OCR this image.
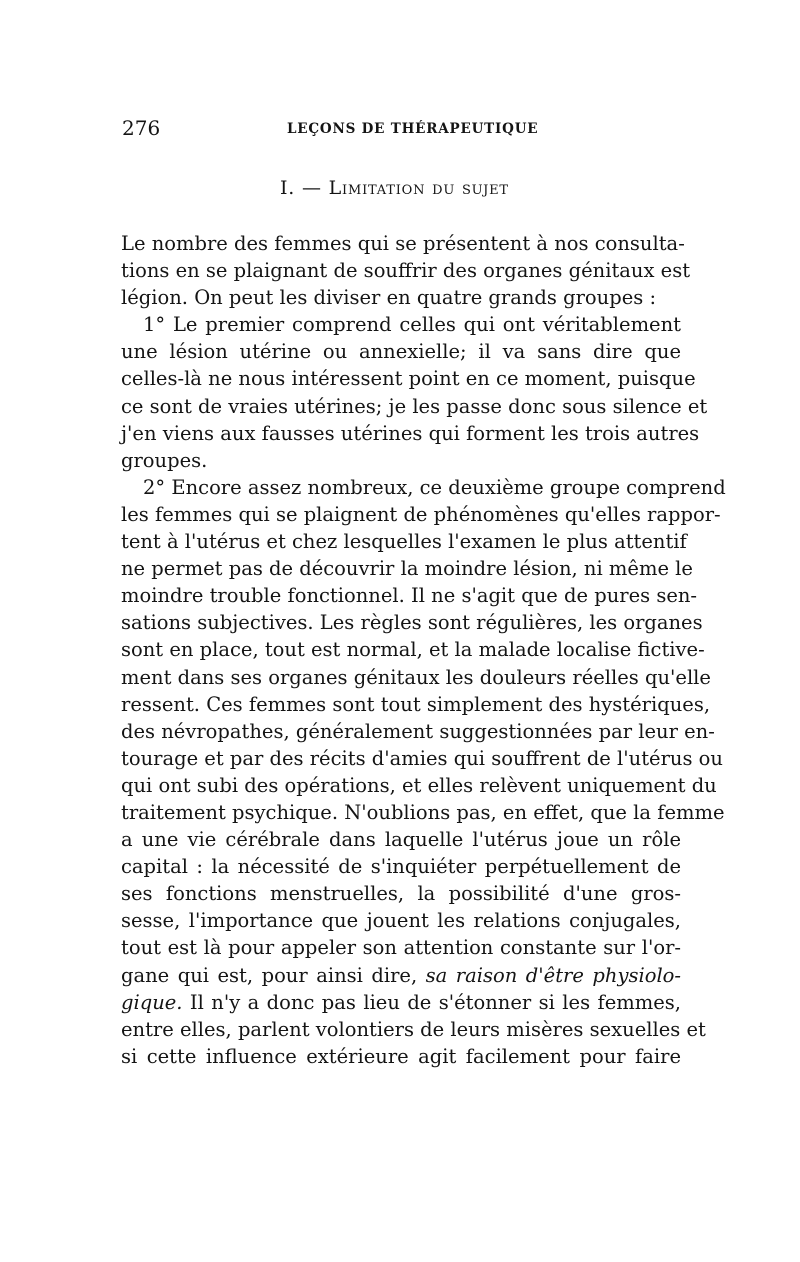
276	LEÇONS DE THÉRAPEUTIQUE
I. — Limitation du sujet
Le nombre des femmes qui se présentent à nos consulta-
tions en se plaignant de souffrir des organes génitaux est
légion. On peut les diviser en quatre grands groupes :
1° Le premier comprend celles qui ont véritablement
une lésion utérine ou annexielle; il va sans dire que
celles-là ne nous intéressent point en ce moment, puisque
ce sont de vraies utérines; je les passe donc sous silence et
j'en viens aux fausses utérines qui forment les trois autres
groupes.
2° Encore assez nombreux, ce deuxième groupe comprend
les femmes qui se plaignent de phénomènes qu'elles rappor-
tent à l'utérus et chez lesquelles l'examen le plus attentif
ne permet pas de découvrir la moindre lésion, ni même le
moindre trouble fonctionnel. Il ne s'agit que de pures sen-
sations subjectives. Les règles sont régulières, les organes
sont en place, tout est normal, et la malade localise fictive-
ment dans ses organes génitaux les douleurs réelles qu'elle
ressent. Ces femmes sont tout simplement des hystériques,
des névropathes, généralement suggestionnées par leur en-
tourage et par des récits d'amies qui souffrent de l'utérus ou
qui ont subi des opérations, et elles relèvent uniquement du
traitement psychique. N'oublions pas, en effet, que la femme
a une vie cérébrale dans laquelle l'utérus joue un rôle
capital : la nécessité de s'inquiéter perpétuellement de
ses fonctions menstruelles, la possibilité d'une gros-
sesse, l'importance que jouent les relations conjugales,
tout est là pour appeler son attention constante sur l'or-
gane qui est, pour ainsi dire, sa raison d'être physiolo-
gique. Il n'y a donc pas lieu de s'étonner si les femmes,
entre elles, parlent volontiers de leurs misères sexuelles et
si cette influence extérieure agit facilement pour faire
